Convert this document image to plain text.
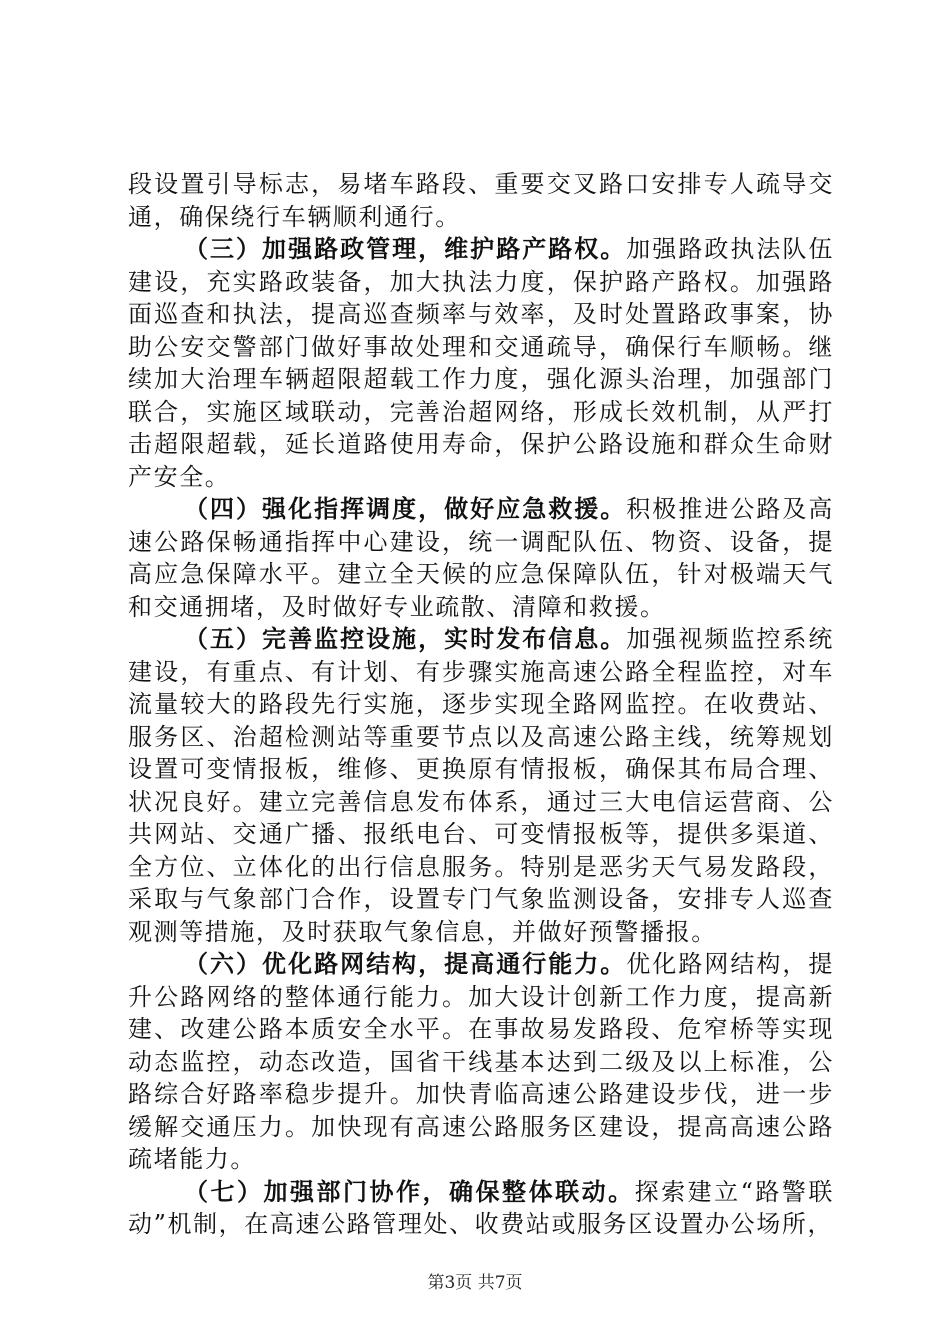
段设置引导标志，易堵车路段、重要交叉路口安排专人疏导交通，确保绕行车辆顺利通行。

（三）加强路政管理，维护路产路权。加强路政执法队伍建设，充实路政装备，加大执法力度，保护路产路权。加强路面巡查和执法，提高巡查频率与效率，及时处置路政事案，协助公安交警部门做好事故处理和交通疏导，确保行车顺畅。继续加大治理车辆超限超载工作力度，强化源头治理，加强部门联合，实施区域联动，完善治超网络，形成长效机制，从严打击超限超载，延长道路使用寿命，保护公路设施和群众生命财产安全。

（四）强化指挥调度，做好应急救援。积极推进公路及高速公路保畅通指挥中心建设，统一调配队伍、物资、设备，提高应急保障水平。建立全天候的应急保障队伍，针对极端天气和交通拥堵，及时做好专业疏散、清障和救援。

（五）完善监控设施，实时发布信息。加强视频监控系统建设，有重点、有计划、有步骤实施高速公路全程监控，对车流量较大的路段先行实施，逐步实现全路网监控。在收费站、服务区、治超检测站等重要节点以及高速公路主线，统筹规划设置可变情报板，维修、更换原有情报板，确保其布局合理、状况良好。建立完善信息发布体系，通过三大电信运营商、公共网站、交通广播、报纸电台、可变情报板等，提供多渠道、全方位、立体化的出行信息服务。特别是恶劣天气易发路段，采取与气象部门合作，设置专门气象监测设备，安排专人巡查观测等措施，及时获取气象信息，并做好预警播报。

（六）优化路网结构，提高通行能力。优化路网结构，提升公路网络的整体通行能力。加大设计创新工作力度，提高新建、改建公路本质安全水平。在事故易发路段、危窄桥等实现动态监控，动态改造，国省干线基本达到二级及以上标准，公路综合好路率稳步提升。加快青临高速公路建设步伐，进一步缓解交通压力。加快现有高速公路服务区建设，提高高速公路疏堵能力。

（七）加强部门协作，确保整体联动。探索建立“路警联动”机制，在高速公路管理处、收费站或服务区设置办公场所，

第3页 共7页
